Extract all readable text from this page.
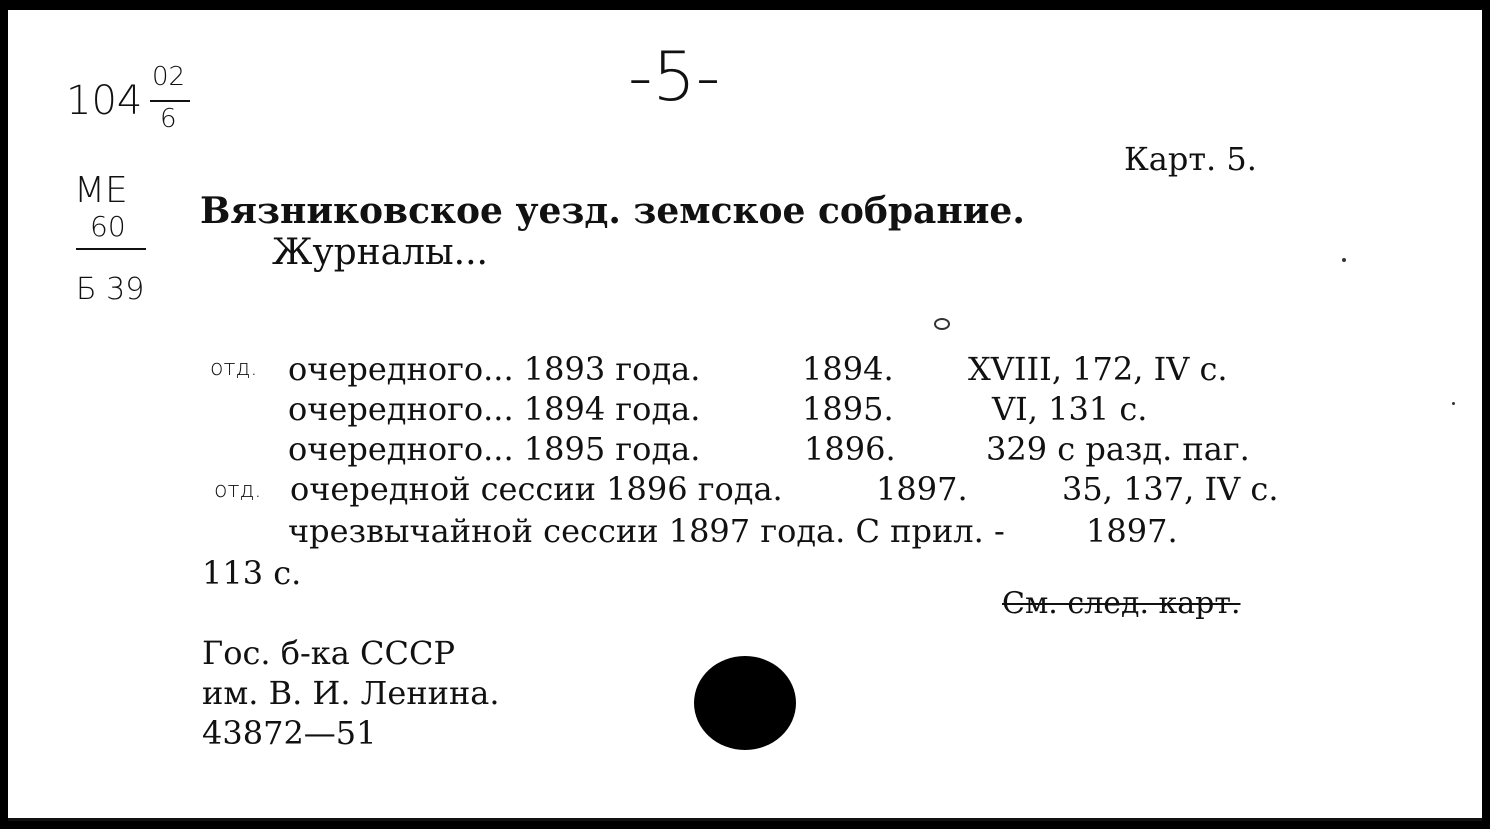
104
02
6
ME
60
Б 39
-5-
Карт. 5.
Вязниковское уезд. земское собрание.
Журналы...
отд.
отд.
очередного... 1893 года.	1894. XVIII, 172, IV с.
очередного... 1894 года.	1895.	VI, 131 с.
очередного... 1895 года.	1896.	329 с разд. паг.
очередной сессии 1896 года.	1897.	35, 137, IV с.
чрезвычайной сессии 1897 года. С прил. -	1897.
113 с.
См. след. карт.
Гос. б-ка СССР
им. В. И. Ленина.
43872—51
